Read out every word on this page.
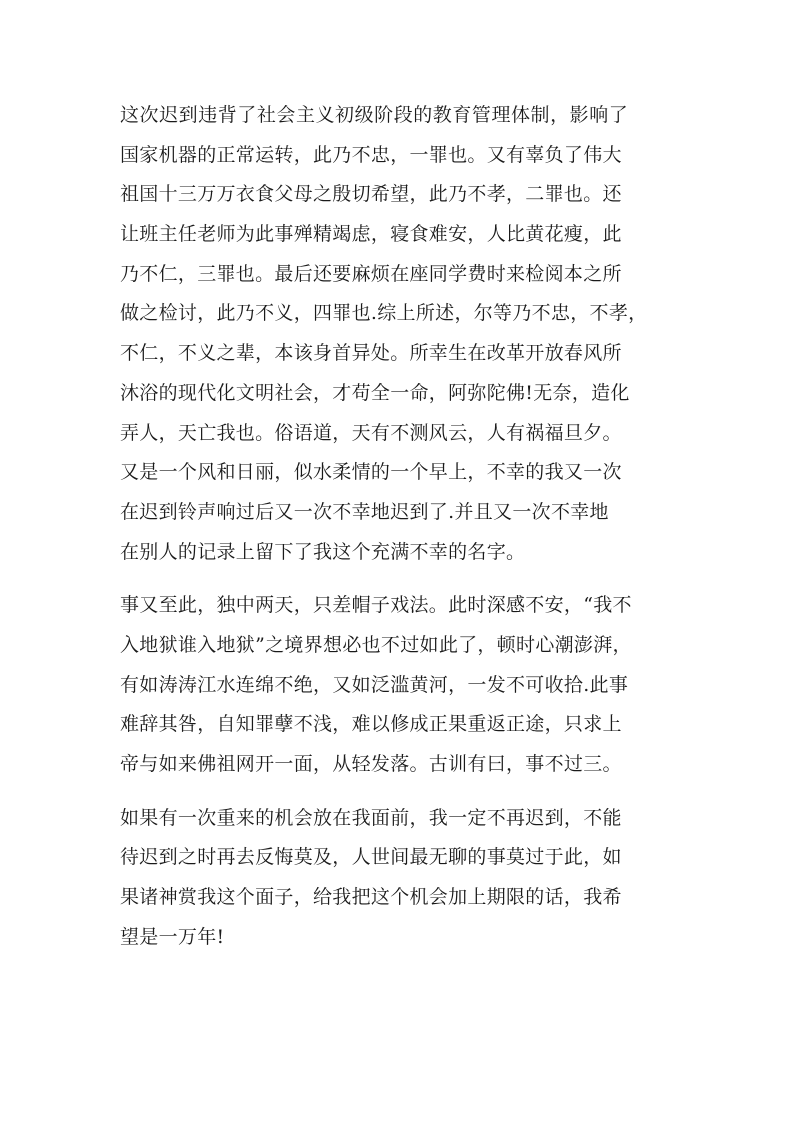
这次迟到违背了社会主义初级阶段的教育管理体制，影响了
国家机器的正常运转，此乃不忠，一罪也。又有辜负了伟大
祖国十三万万衣食父母之殷切希望，此乃不孝，二罪也。还
让班主任老师为此事殚精竭虑，寝食难安，人比黄花瘦，此
乃不仁，三罪也。最后还要麻烦在座同学费时来检阅本之所
做之检讨，此乃不义，四罪也.综上所述，尔等乃不忠，不孝，
不仁，不义之辈，本该身首异处。所幸生在改革开放春风所
沐浴的现代化文明社会，才苟全一命，阿弥陀佛!无奈，造化
弄人，天亡我也。俗语道，天有不测风云，人有祸福旦夕。
又是一个风和日丽，似水柔情的一个早上，不幸的我又一次
在迟到铃声响过后又一次不幸地迟到了.并且又一次不幸地
在别人的记录上留下了我这个充满不幸的名字。
事又至此，独中两天，只差帽子戏法。此时深感不安，“我不
入地狱谁入地狱”之境界想必也不过如此了，顿时心潮澎湃，
有如涛涛江水连绵不绝，又如泛滥黄河，一发不可收拾.此事
难辞其咎，自知罪孽不浅，难以修成正果重返正途，只求上
帝与如来佛祖网开一面，从轻发落。古训有曰，事不过三。
如果有一次重来的机会放在我面前，我一定不再迟到，不能
待迟到之时再去反悔莫及，人世间最无聊的事莫过于此，如
果诸神赏我这个面子，给我把这个机会加上期限的话，我希
望是一万年!
